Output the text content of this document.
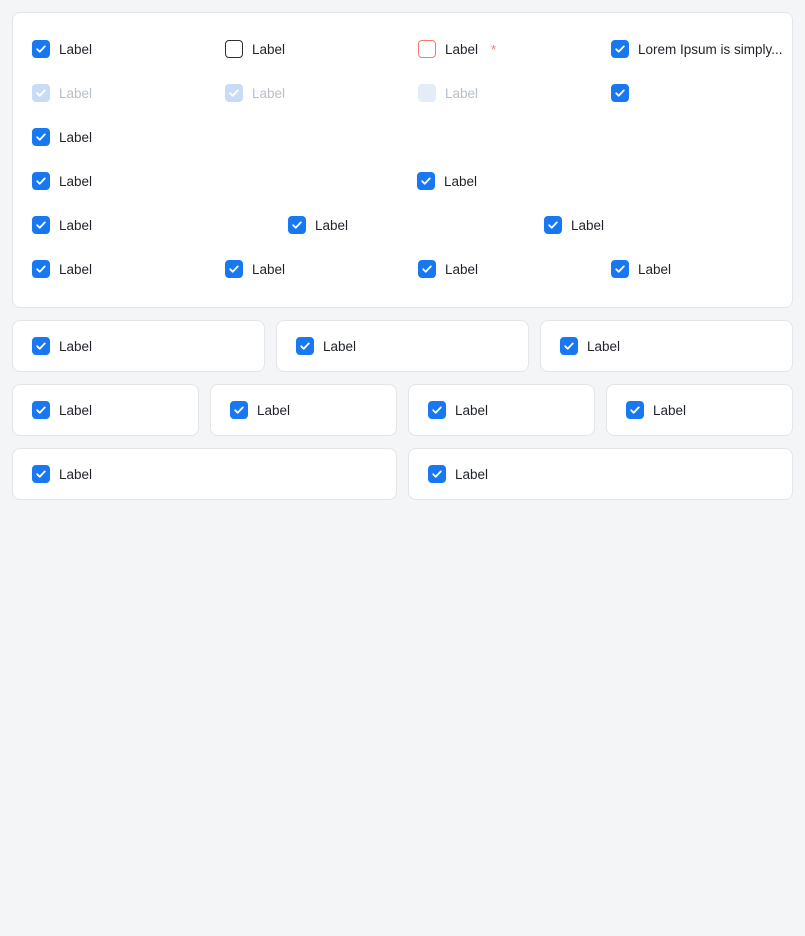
Label	Label	Label *	Lorem Ipsum is simply...
Label	Label	Label
Label
Label	Label
Label	Label	Label
Label	Label	Label	Label
Label	Label	Label
Label	Label	Label	Label
Label	Label
